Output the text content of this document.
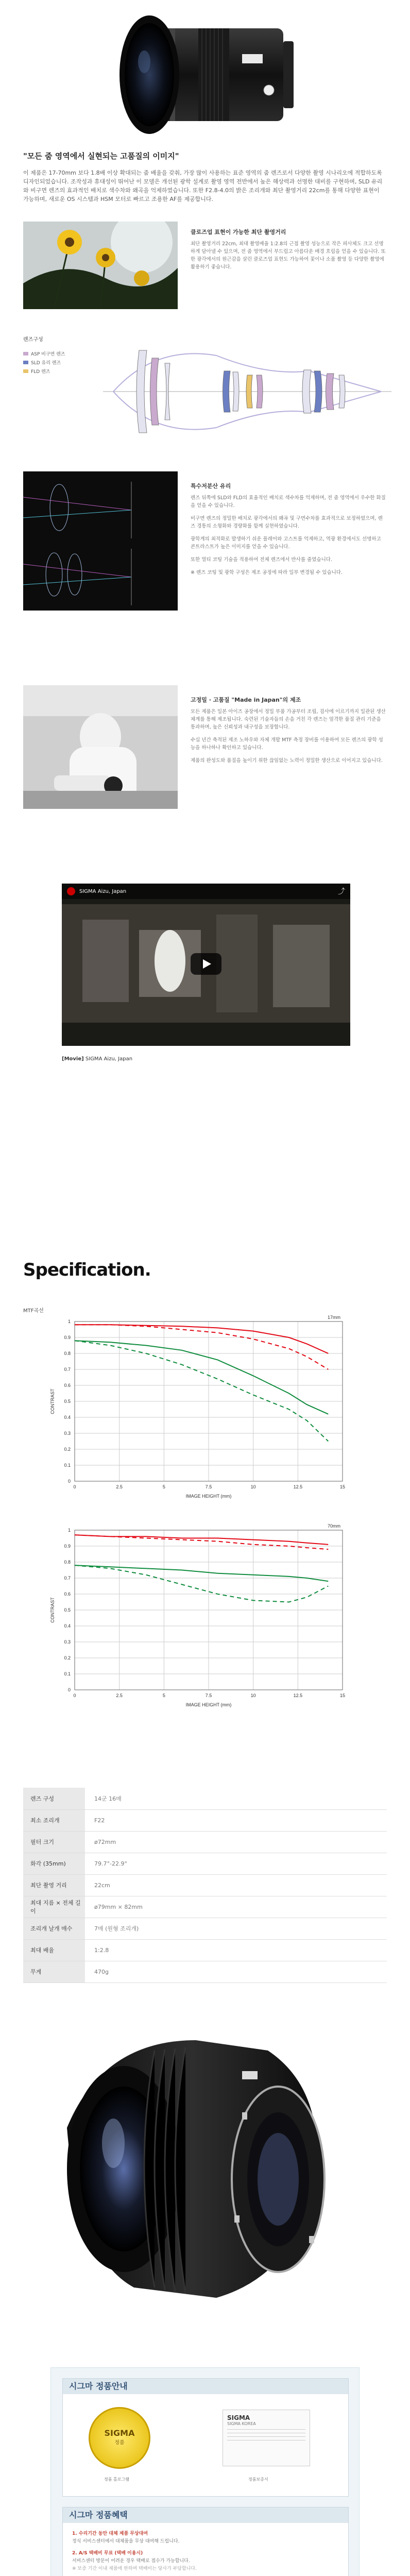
"모든 줌 영역에서 실현되는 고품질의 이미지"

이 제품은 17-70mm 보다 1.8배 이상 확대되는 줌 배율을 갖춰, 가장 많이 사용하는 표준 영역의 줌 렌즈로서 다양한 촬영 시나리오에 적합하도록 디자인되었습니다. 조작성과 휴대성이 뛰어난 이 모델은 개선된 광학 설계로 촬영 영역 전반에서 높은 해상력과 선명한 대비를 구현하며, SLD 유리와 비구면 렌즈의 효과적인 배치로 색수차와 왜곡을 억제하였습니다. 또한 F2.8-4.0의 밝은 조리개와 최단 촬영거리 22cm를 통해 다양한 표현이 가능하며, 새로운 OS 시스템과 HSM 모터로 빠르고 조용한 AF를 제공합니다.

클로즈업 표현이 가능한 최단 촬영거리

최단 촬영거리 22cm, 최대 촬영배율 1:2.8의 근접 촬영 성능으로 작은 피사체도 크고 선명하게 담아낼 수 있으며, 전 줌 영역에서 부드럽고 아름다운 배경 흐림을 얻을 수 있습니다. 또한 광각에서의 원근감을 살린 클로즈업 표현도 가능하여 꽃이나 소품 촬영 등 다양한 촬영에 활용하기 좋습니다.

렌즈구성
ASP 비구면 렌즈
SLD 유리 렌즈
FLD 렌즈
특수저분산 유리

렌즈 뒤쪽에 SLD와 FLD의 효율적인 배치로 색수차를 억제하며, 전 줌 영역에서 우수한 화질을 얻을 수 있습니다.

비구면 렌즈의 정밀한 배치로 광각에서의 왜곡 및 구면수차를 효과적으로 보정하였으며, 렌즈 경통의 소형화와 경량화를 함께 실현하였습니다.

광학계의 최적화로 발생하기 쉬운 플레어와 고스트를 억제하고, 역광 환경에서도 선명하고 콘트라스트가 높은 이미지를 얻을 수 있습니다.

또한 멀티 코팅 기술을 적용하여 전체 렌즈에서 반사를 줄였습니다.

※ 렌즈 코팅 및 광학 구성은 제조 공정에 따라 일부 변경될 수 있습니다.

고정밀 · 고품질 "Made in Japan"의 제조

모든 제품은 일본 아이즈 공장에서 정밀 부품 가공부터 조립, 검사에 이르기까지 일관된 생산 체계를 통해 제조됩니다. 숙련된 기술자들의 손을 거친 각 렌즈는 엄격한 품질 관리 기준을 통과하며, 높은 신뢰성과 내구성을 보장합니다.

수십 년간 축적된 제조 노하우와 자체 개발 MTF 측정 장비를 이용하여 모든 렌즈의 광학 성능을 하나하나 확인하고 있습니다.

제품의 완성도와 품질을 높이기 위한 끊임없는 노력이 정밀한 생산으로 이어지고 있습니다.

SIGMA Aizu, Japan	⤴
[Movie] SIGMA Aizu, Japan
Specification.
MTF곡선
0
0.1
0.2
0.3
0.4
0.5
0.6
0.7
0.8
0.9
1
0	2.5	5	7.5	10	12.5	15
IMAGE HEIGHT (mm)
CONTRAST
17mm
0
0.1
0.2
0.3
0.4
0.5
0.6
0.7
0.8
0.9
1
0	2.5	5	7.5	10	12.5	15
IMAGE HEIGHT (mm)
CONTRAST
70mm
렌즈 구성	14군 16매
최소 조리개	F22
필터 크기	ø72mm
화각 (35mm)	79.7°-22.9°
최단 촬영 거리	22cm
최대 지름 × 전체 길이	ø79mm × 82mm
조리개 날개 매수	7매 (원형 조리개)
최대 배율	1:2.8
무게	470g
시그마 정품안내
SIGMA
정품
SIGMA
SIGMA KOREA
정품 홀로그램	정품보증서
시그마 정품혜택
1. 수리기간 동안 대체 제품 무상대여
정식 서비스센터에서 대체품을 무상 대여해 드립니다.
2. A/S 택배비 무료 (택배 이용시)
서비스센터 방문이 어려운 경우 택배로 접수가 가능합니다.
※ 보증 기간 이내 제품에 한하며 택배비는 당사가 부담합니다.
